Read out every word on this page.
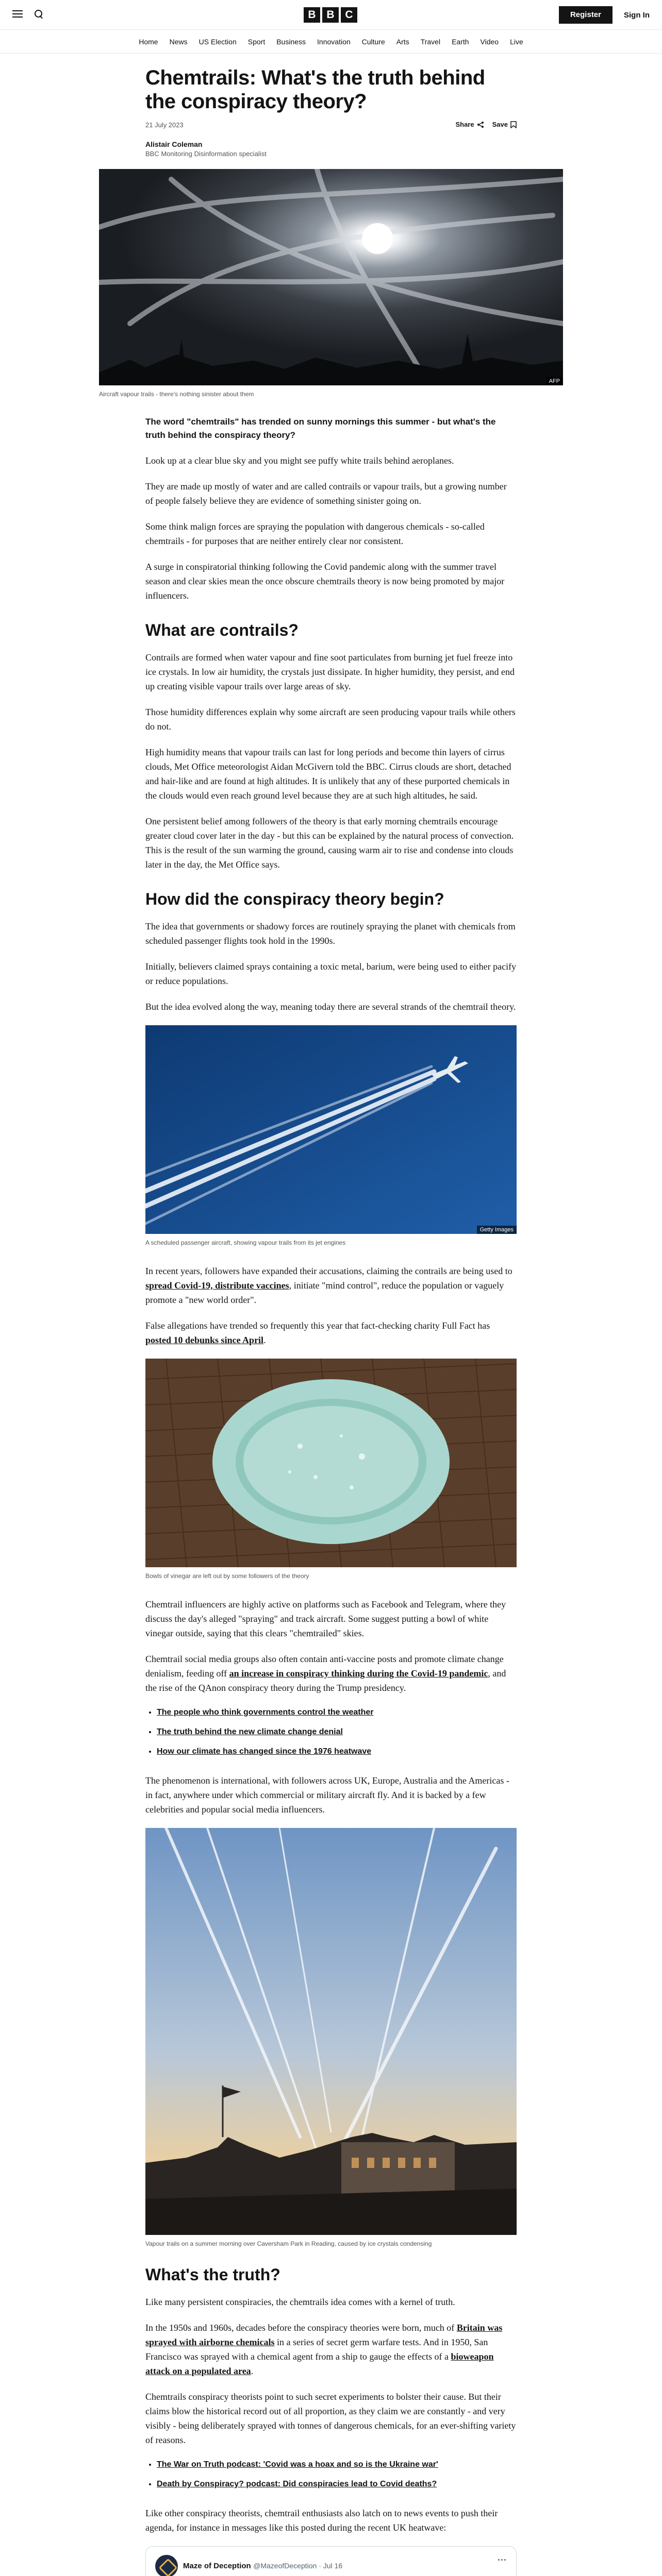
B B C	Register	Sign In
Home News US Election Sport Business Innovation Culture Arts Travel Earth Video Live
Chemtrails: What's the truth behind the conspiracy theory?
21 July 2023	Share	Save
Alistair Coleman
BBC Monitoring Disinformation specialist
AFP
Aircraft vapour trails - there's nothing sinister about them

The word "chemtrails" has trended on sunny mornings this summer - but what's the truth behind the conspiracy theory?

Look up at a clear blue sky and you might see puffy white trails behind aeroplanes.

They are made up mostly of water and are called contrails or vapour trails, but a growing number of people falsely believe they are evidence of something sinister going on.

Some think malign forces are spraying the population with dangerous chemicals - so-called chemtrails - for purposes that are neither entirely clear nor consistent.

A surge in conspiratorial thinking following the Covid pandemic along with the summer travel season and clear skies mean the once obscure chemtrails theory is now being promoted by major influencers.

What are contrails?

Contrails are formed when water vapour and fine soot particulates from burning jet fuel freeze into ice crystals. In low air humidity, the crystals just dissipate. In higher humidity, they persist, and end up creating visible vapour trails over large areas of sky.

Those humidity differences explain why some aircraft are seen producing vapour trails while others do not.

High humidity means that vapour trails can last for long periods and become thin layers of cirrus clouds, Met Office meteorologist Aidan McGivern told the BBC. Cirrus clouds are short, detached and hair-like and are found at high altitudes. It is unlikely that any of these purported chemicals in the clouds would even reach ground level because they are at such high altitudes, he said.

One persistent belief among followers of the theory is that early morning chemtrails encourage greater cloud cover later in the day - but this can be explained by the natural process of convection. This is the result of the sun warming the ground, causing warm air to rise and condense into clouds later in the day, the Met Office says.

How did the conspiracy theory begin?

The idea that governments or shadowy forces are routinely spraying the planet with chemicals from scheduled passenger flights took hold in the 1990s.

Initially, believers claimed sprays containing a toxic metal, barium, were being used to either pacify or reduce populations.

But the idea evolved along the way, meaning today there are several strands of the chemtrail theory.

Getty Images
A scheduled passenger aircraft, showing vapour trails from its jet engines

In recent years, followers have expanded their accusations, claiming the contrails are being used to spread Covid-19, distribute vaccines, initiate "mind control", reduce the population or vaguely promote a "new world order".

False allegations have trended so frequently this year that fact-checking charity Full Fact has posted 10 debunks since April.

Bowls of vinegar are left out by some followers of the theory

Chemtrail influencers are highly active on platforms such as Facebook and Telegram, where they discuss the day's alleged "spraying" and track aircraft. Some suggest putting a bowl of white vinegar outside, saying that this clears "chemtrailed" skies.

Chemtrail social media groups also often contain anti-vaccine posts and promote climate change denialism, feeding off an increase in conspiracy thinking during the Covid-19 pandemic, and the rise of the QAnon conspiracy theory during the Trump presidency.

• The people who think governments control the weather
• The truth behind the new climate change denial
• How our climate has changed since the 1976 heatwave

The phenomenon is international, with followers across UK, Europe, Australia and the Americas - in fact, anywhere under which commercial or military aircraft fly. And it is backed by a few celebrities and popular social media influencers.

Vapour trails on a summer morning over Caversham Park in Reading, caused by ice crystals condensing
What's the truth?

Like many persistent conspiracies, the chemtrails idea comes with a kernel of truth.

In the 1950s and 1960s, decades before the conspiracy theories were born, much of Britain was sprayed with airborne chemicals in a series of secret germ warfare tests. And in 1950, San Francisco was sprayed with a chemical agent from a ship to gauge the effects of a bioweapon attack on a populated area.

Chemtrails conspiracy theorists point to such secret experiments to bolster their cause. But their claims blow the historical record out of all proportion, as they claim we are constantly - and very visibly - being deliberately sprayed with tonnes of dangerous chemicals, for an ever-shifting variety of reasons.

• The War on Truth podcast: 'Covid was a hoax and so is the Ukraine war'
• Death by Conspiracy? podcast: Did conspiracies lead to Covid deaths?

Like other conspiracy theorists, chemtrail enthusiasts also latch on to news events to push their agenda, for instance in messages like this posted during the recent UK heatwave:

Maze of Deception @MazeofDeception · Jul 16
···
